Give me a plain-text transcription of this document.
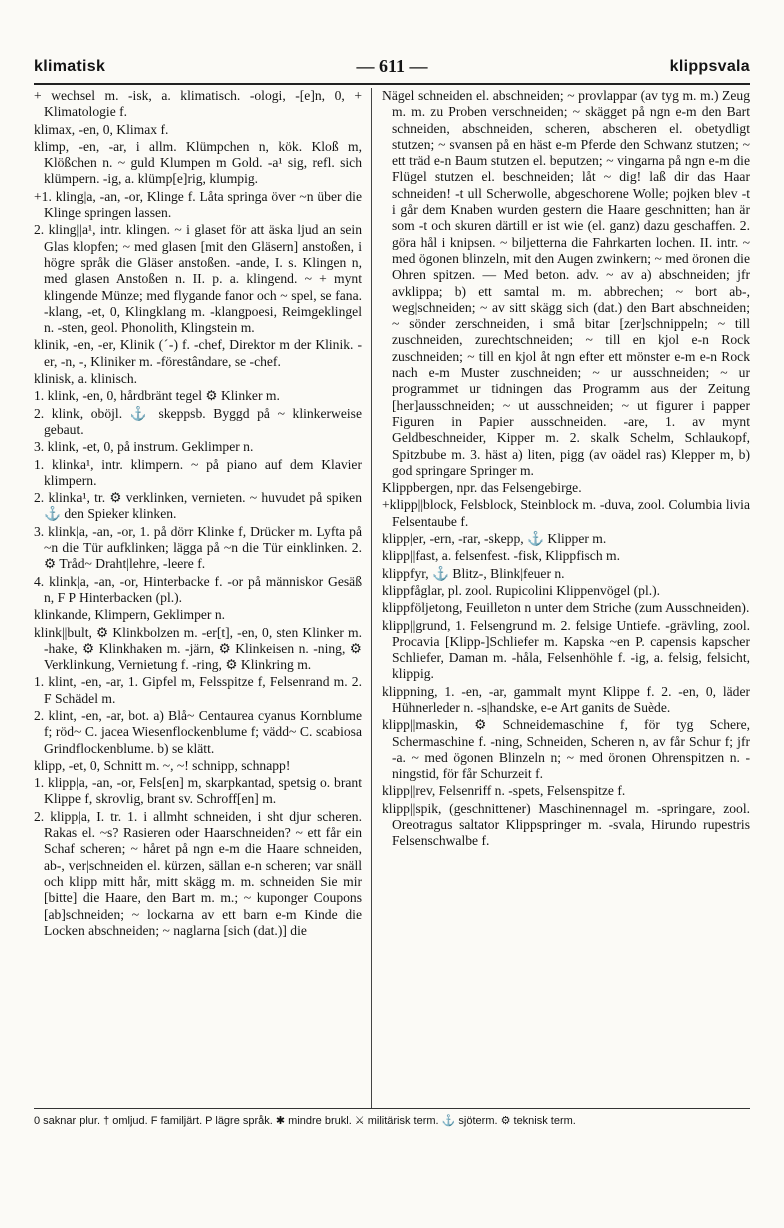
klimatisk	— 611 —	klippsvala

+ wechsel m. -isk, a. klimatisch. -ologi, -[e]n, 0, + Klimatologie f.

klimax, -en, 0, Klimax f.

klimp, -en, -ar, i allm. Klümpchen n, kök. Kloß m, Klößchen n. ~ guld Klumpen m Gold. -a¹ sig, refl. sich klümpern. -ig, a. klümp[e]rig, klumpig.

+1. kling|a, -an, -or, Klinge f. Låta springa över ~n über die Klinge springen lassen.

2. kling||a¹, intr. klingen. ~ i glaset för att äska ljud an sein Glas klopfen; ~ med glasen [mit den Gläsern] anstoßen, i högre språk die Gläser anstoßen. -ande, I. s. Klingen n, med glasen Anstoßen n. II. p. a. klingend. ~ + mynt klingende Münze; med flygande fanor och ~ spel, se fana. -klang, -et, 0, Klingklang m. -klangpoesi, Reimgeklingel n. -sten, geol. Phonolith, Klingstein m.

klinik, -en, -er, Klinik (ˊ-) f. -chef, Direktor m der Klinik. -er, -n, -, Kliniker m. -förestândare, se -chef.

klinisk, a. klinisch.

1. klink, -en, 0, hårdbränt tegel ⚙ Klinker m.

2. klink, oböjl. ⚓ skeppsb. Byggd på ~ klinkerweise gebaut.

3. klink, -et, 0, på instrum. Geklimper n.

1. klinka¹, intr. klimpern. ~ på piano auf dem Klavier klimpern.

2. klinka¹, tr. ⚙ verklinken, vernieten. ~ huvudet på spiken ⚓ den Spieker klinken.

3. klink|a, -an, -or, 1. på dörr Klinke f, Drücker m. Lyfta på ~n die Tür aufklinken; lägga på ~n die Tür einklinken. 2. ⚙ Tråd~ Draht|lehre, -leere f.

4. klink|a, -an, -or, Hinterbacke f. -or på människor Gesäß n, F P Hinterbacken (pl.).

klinkande, Klimpern, Geklimper n.

klink||bult, ⚙ Klinkbolzen m. -er[t], -en, 0, sten Klinker m. -hake, ⚙ Klinkhaken m. -järn, ⚙ Klinkeisen n. -ning, ⚙ Verklinkung, Vernietung f. -ring, ⚙ Klinkring m.

1. klint, -en, -ar, 1. Gipfel m, Felsspitze f, Felsenrand m. 2. F Schädel m.

2. klint, -en, -ar, bot. a) Blå~ Centaurea cyanus Kornblume f; röd~ C. jacea Wiesenflockenblume f; vädd~ C. scabiosa Grindflockenblume. b) se klätt.

klipp, -et, 0, Schnitt m. ~, ~! schnipp, schnapp!

1. klipp|a, -an, -or, Fels[en] m, skarpkantad, spetsig o. brant Klippe f, skrovlig, brant sv. Schroff[en] m.

2. klipp|a, I. tr. 1. i allmht schneiden, i sht djur scheren. Rakas el. ~s? Rasieren oder Haarschneiden? ~ ett får ein Schaf scheren; ~ håret på ngn e-m die Haare schneiden, ab-, ver|schneiden el. kürzen, sällan e-n scheren; var snäll och klipp mitt hår, mitt skägg m. m. schneiden Sie mir [bitte] die Haare, den Bart m. m.; ~ kuponger Coupons [ab]schneiden; ~ lockarna av ett barn e-m Kinde die Locken abschneiden; ~ naglarna [sich (dat.)] die

Nägel schneiden el. abschneiden; ~ provlappar (av tyg m. m.) Zeug m. m. zu Proben verschneiden; ~ skägget på ngn e-m den Bart schneiden, abschneiden, scheren, abscheren el. obetydligt stutzen; ~ svansen på en häst e-m Pferde den Schwanz stutzen; ~ ett träd e-n Baum stutzen el. beputzen; ~ vingarna på ngn e-m die Flügel stutzen el. beschneiden; låt ~ dig! laß dir das Haar schneiden! -t ull Scherwolle, abgeschorene Wolle; pojken blev -t i går dem Knaben wurden gestern die Haare geschnitten; han är som -t och skuren därtill er ist wie (el. ganz) dazu geschaffen. 2. göra hål i knipsen. ~ biljetterna die Fahrkarten lochen. II. intr. ~ med ögonen blinzeln, mit den Augen zwinkern; ~ med öronen die Ohren spitzen. — Med beton. adv. ~ av a) abschneiden; jfr avklippa; b) ett samtal m. m. abbrechen; ~ bort ab-, weg|schneiden; ~ av sitt skägg sich (dat.) den Bart abschneiden; ~ sönder zerschneiden, i små bitar [zer]schnippeln; ~ till zuschneiden, zurechtschneiden; ~ till en kjol e-n Rock zuschneiden; ~ till en kjol åt ngn efter ett mönster e-m e-n Rock nach e-m Muster zuschneiden; ~ ur ausschneiden; ~ ur programmet ur tidningen das Programm aus der Zeitung [her]ausschneiden; ~ ut ausschneiden; ~ ut figurer i papper Figuren in Papier ausschneiden. -are, 1. av mynt Geldbeschneider, Kipper m. 2. skalk Schelm, Schlaukopf, Spitzbube m. 3. häst a) liten, pigg (av oädel ras) Klepper m, b) god springare Springer m.

Klippbergen, npr. das Felsengebirge.

+klipp||block, Felsblock, Steinblock m. -duva, zool. Columbia livia Felsentaube f.

klipp|er, -ern, -rar, -skepp, ⚓ Klipper m.

klipp||fast, a. felsenfest. -fisk, Klippfisch m.

klippfyr, ⚓ Blitz-, Blink|feuer n.

klippfåglar, pl. zool. Rupicolini Klippenvögel (pl.).

klippföljetong, Feuilleton n unter dem Striche (zum Ausschneiden).

klipp||grund, 1. Felsengrund m. 2. felsige Untiefe. -grävling, zool. Procavia [Klipp-]Schliefer m. Kapska ~en P. capensis kapscher Schliefer, Daman m. -håla, Felsenhöhle f. -ig, a. felsig, felsicht, klippig.

klippning, 1. -en, -ar, gammalt mynt Klippe f. 2. -en, 0, läder Hühnerleder n. -s|handske, e-e Art ganits de Suède.

klipp||maskin, ⚙ Schneidemaschine f, för tyg Schere, Schermaschine f. -ning, Schneiden, Scheren n, av får Schur f; jfr -a. ~ med ögonen Blinzeln n; ~ med öronen Ohrenspitzen n. -ningstid, för får Schurzeit f.

klipp||rev, Felsenriff n. -spets, Felsenspitze f.

klipp||spik, (geschnittener) Maschinennagel m. -springare, zool. Oreotragus saltator Klippspringer m. -svala, Hirundo rupestris Felsenschwalbe f.

0 saknar plur. † omljud. F familjärt. P lägre språk. ✱ mindre brukl. ⚔ militärisk term. ⚓ sjöterm. ⚙ teknisk term.
